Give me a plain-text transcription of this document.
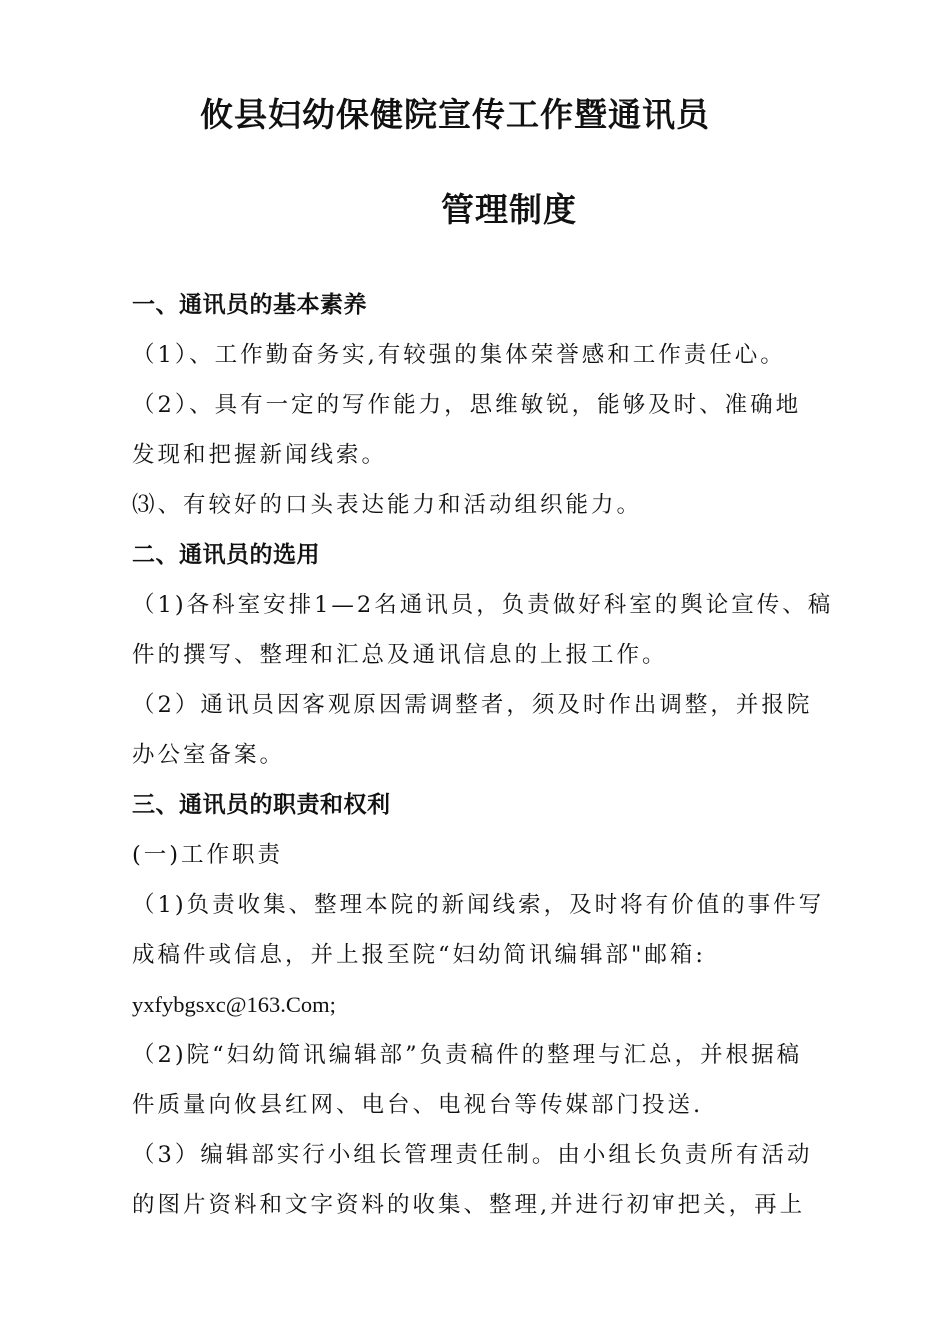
攸县妇幼保健院宣传工作暨通讯员
管理制度
一、通讯员的基本素养
（1）、工作勤奋务实,有较强的集体荣誉感和工作责任心。
（2）、具有一定的写作能力，思维敏锐，能够及时、准确地
发现和把握新闻线索。
⑶、有较好的口头表达能力和活动组织能力。
二、通讯员的选用
（1)各科室安排1—2名通讯员，负责做好科室的舆论宣传、稿
件的撰写、整理和汇总及通讯信息的上报工作。
（2）通讯员因客观原因需调整者，须及时作出调整，并报院
办公室备案。
三、通讯员的职责和权利
(一)工作职责
（1)负责收集、整理本院的新闻线索，及时将有价值的事件写
成稿件或信息，并上报至院“妇幼简讯编辑部"邮箱:
yxfybgsxc@163.Com;
（2)院“妇幼简讯编辑部”负责稿件的整理与汇总，并根据稿
件质量向攸县红网、电台、电视台等传媒部门投送.
（3）编辑部实行小组长管理责任制。由小组长负责所有活动
的图片资料和文字资料的收集、整理,并进行初审把关，再上
